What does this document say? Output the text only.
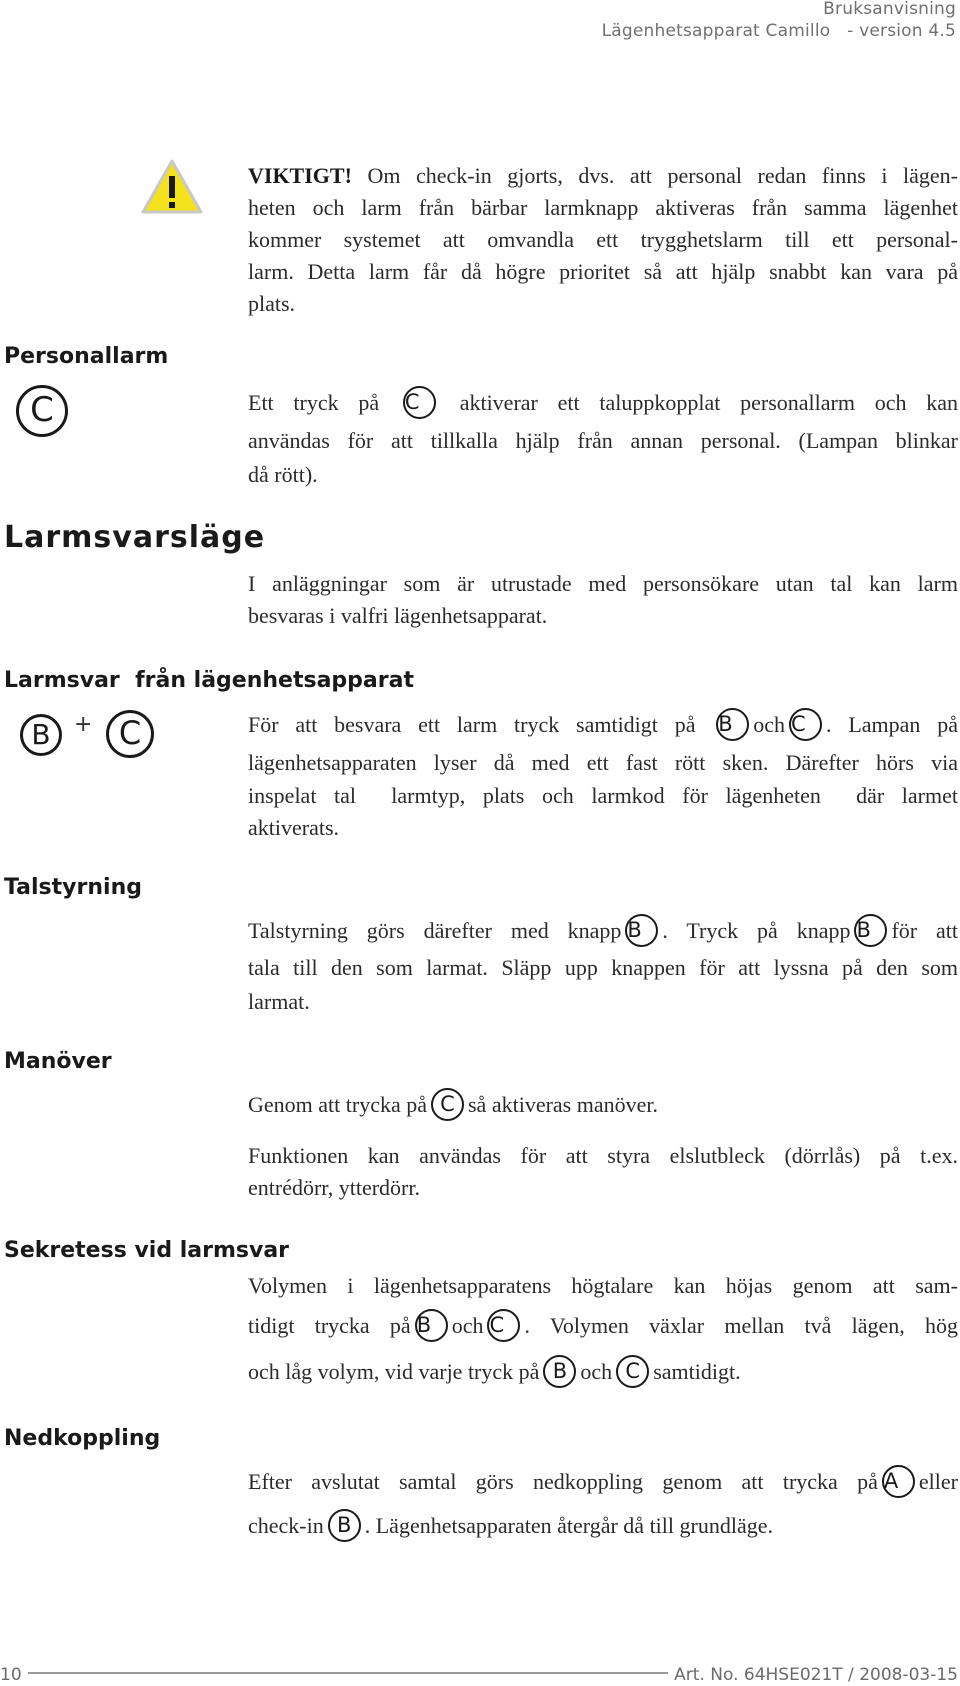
Bruksanvisning
Lägenhetsapparat Camillo   - version 4.5
VIKTIGT! Om check-in gjorts, dvs. att personal redan finns i lägen-
heten och larm från bärbar larmknapp aktiveras från samma lägenhet
kommer systemet att omvandla ett trygghetslarm till ett personal-
larm. Detta larm får då högre prioritet så att hjälp snabbt kan vara på
plats.
Personallarm
C	Ett tryck på C aktiverar ett taluppkopplat personallarm och kan
användas för att tillkalla hjälp från annan personal. (Lampan blinkar
då rött).
Larmsvarsläge
I anläggningar som är utrustade med personsökare utan tal kan larm
besvaras i valfri lägenhetsapparat.
Larmsvar  från lägenhetsapparat
B	+ C	För att besvara ett larm tryck samtidigt på B och C . Lampan på
lägenhetsapparaten lyser då med ett fast rött sken. Därefter hörs via
inspelat tal  larmtyp, plats och larmkod för lägenheten  där larmet
aktiverats.
Talstyrning
Talstyrning görs därefter med knapp B . Tryck på knapp B för att
tala till den som larmat. Släpp upp knappen för att lyssna på den som
larmat.
Manöver
Genom att trycka på C så aktiveras manöver.
Funktionen kan användas för att styra elslutbleck (dörrlås) på t.ex.
entrédörr, ytterdörr.
Sekretess vid larmsvar
Volymen i lägenhetsapparatens högtalare kan höjas genom att sam-
tidigt trycka på B och C . Volymen växlar mellan två lägen, hög
och låg volym, vid varje tryck på B och C samtidigt.
Nedkoppling
Efter avslutat samtal görs nedkoppling genom att trycka på A eller
check-in B . Lägenhetsapparaten återgår då till grundläge.
10	Art. No. 64HSE021T / 2008-03-15
